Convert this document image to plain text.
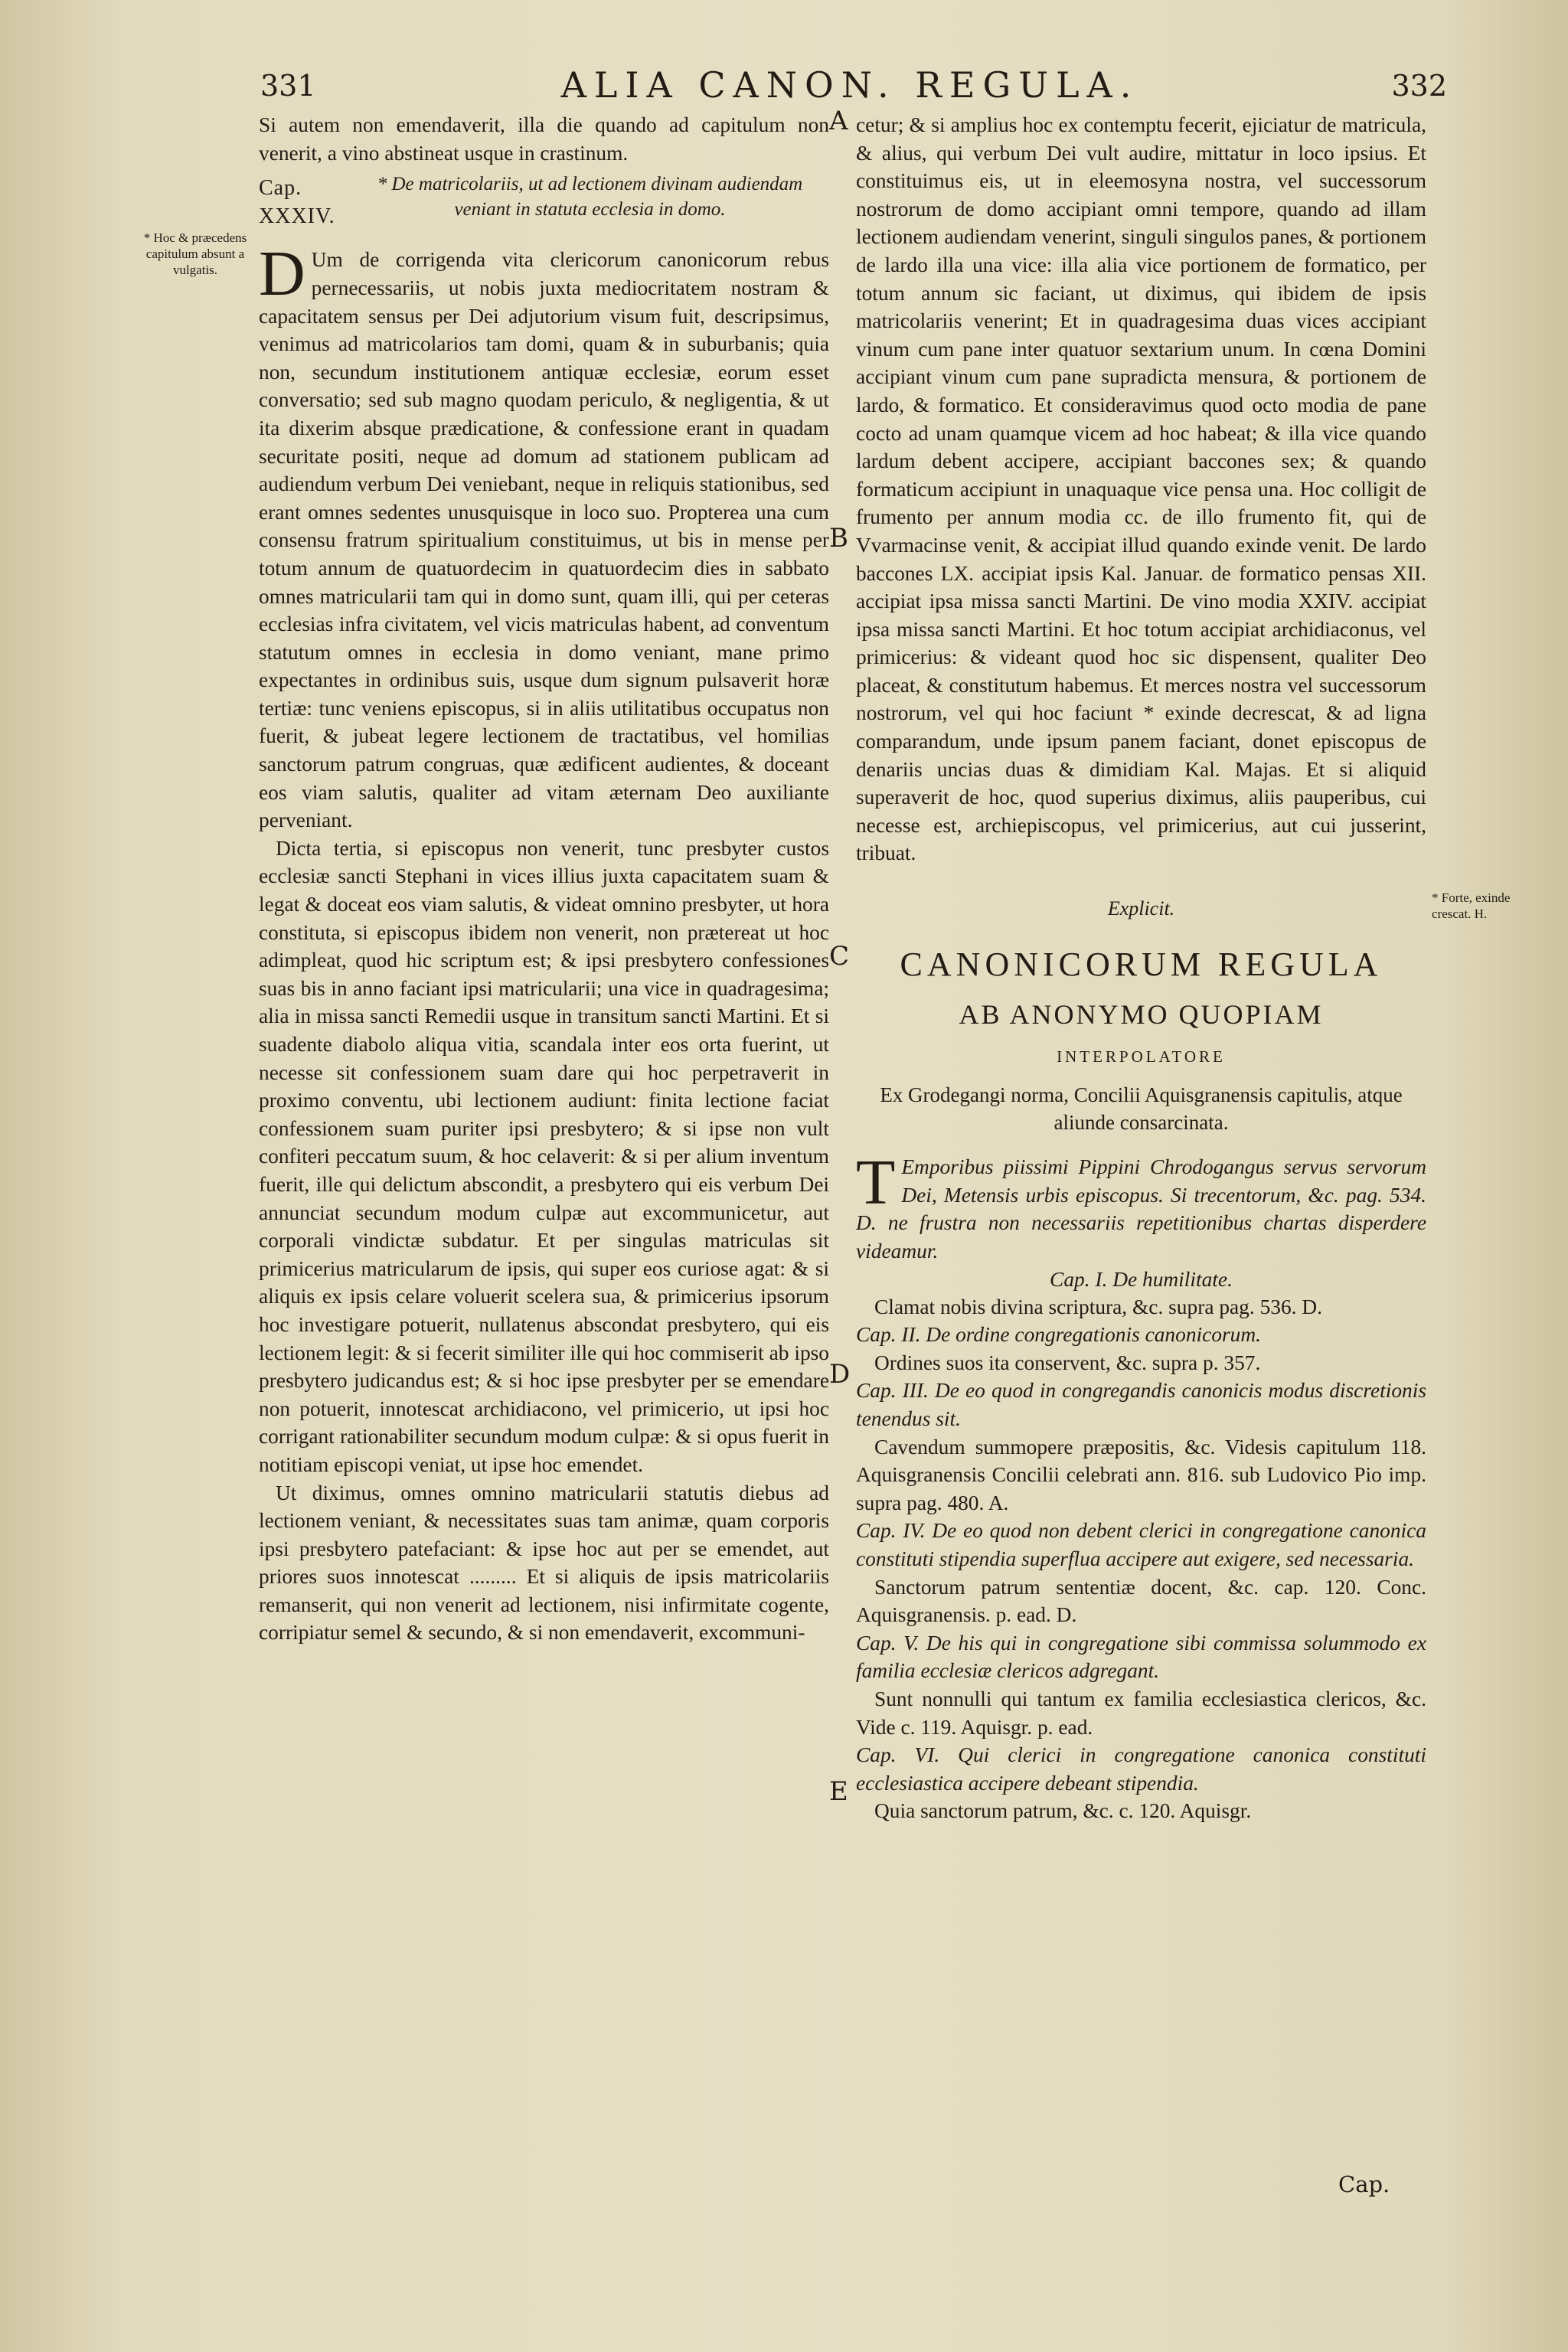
331	ALIA CANON. REGULA.	332
* Hoc & præcedens capitulum absunt a vulgatis.
* Forte, exinde crescat. H.
A
B
C
D
E

Si autem non emendaverit, illa die quando ad capitulum non venerit, a vino abstineat usque in crastinum.

Cap. XXXIV.
* De matricolariis, ut ad lectionem divinam audiendam veniant in statuta ecclesia in domo.

D Um de corrigenda vita clericorum canonicorum rebus pernecessariis, ut nobis juxta mediocritatem nostram & capacitatem sensus per Dei adjutorium visum fuit, descripsimus, venimus ad matricolarios tam domi, quam & in suburbanis; quia non, secundum institutionem antiquæ ecclesiæ, eorum esset conversatio; sed sub magno quodam periculo, & negligentia, & ut ita dixerim absque prædicatione, & confessione erant in quadam securitate positi, neque ad domum ad stationem publicam ad audiendum verbum Dei veniebant, neque in reliquis stationibus, sed erant omnes sedentes unusquisque in loco suo. Propterea una cum consensu fratrum spiritualium constituimus, ut bis in mense per totum annum de quatuordecim in quatuordecim dies in sabbato omnes matricularii tam qui in domo sunt, quam illi, qui per ceteras ecclesias infra civitatem, vel vicis matriculas habent, ad conventum statutum omnes in ecclesia in domo veniant, mane primo expectantes in ordinibus suis, usque dum signum pulsaverit horæ tertiæ: tunc veniens episcopus, si in aliis utilitatibus occupatus non fuerit, & jubeat legere lectionem de tractatibus, vel homilias sanctorum patrum congruas, quæ ædificent audientes, & doceant eos viam salutis, qualiter ad vitam æternam Deo auxiliante perveniant.

Dicta tertia, si episcopus non venerit, tunc presbyter custos ecclesiæ sancti Stephani in vices illius juxta capacitatem suam & legat & doceat eos viam salutis, & videat omnino presbyter, ut hora constituta, si episcopus ibidem non venerit, non prætereat ut hoc adimpleat, quod hic scriptum est; & ipsi presbytero confessiones suas bis in anno faciant ipsi matricularii; una vice in quadragesima; alia in missa sancti Remedii usque in transitum sancti Martini. Et si suadente diabolo aliqua vitia, scandala inter eos orta fuerint, ut necesse sit confessionem suam dare qui hoc perpetraverit in proximo conventu, ubi lectionem audiunt: finita lectione faciat confessionem suam puriter ipsi presbytero; & si ipse non vult confiteri peccatum suum, & hoc celaverit: & si per alium inventum fuerit, ille qui delictum abscondit, a presbytero qui eis verbum Dei annunciat secundum modum culpæ aut excommunicetur, aut corporali vindictæ subdatur. Et per singulas matriculas sit primicerius matricularum de ipsis, qui super eos curiose agat: & si aliquis ex ipsis celare voluerit scelera sua, & primicerius ipsorum hoc investigare potuerit, nullatenus abscondat presbytero, qui eis lectionem legit: & si fecerit similiter ille qui hoc commiserit ab ipso presbytero judicandus est; & si hoc ipse presbyter per se emendare non potuerit, innotescat archidiacono, vel primicerio, ut ipsi hoc corrigant rationabiliter secundum modum culpæ: & si opus fuerit in notitiam episcopi veniat, ut ipse hoc emendet.

Ut diximus, omnes omnino matricularii statutis diebus ad lectionem veniant, & necessitates suas tam animæ, quam corporis ipsi presbytero patefaciant: & ipse hoc aut per se emendet, aut priores suos innotescat ......... Et si aliquis de ipsis matricolariis remanserit, qui non venerit ad lectionem, nisi infirmitate cogente, corripiatur semel & secundo, & si non emendaverit, excommuni-

cetur; & si amplius hoc ex contemptu fecerit, ejiciatur de matricula, & alius, qui verbum Dei vult audire, mittatur in loco ipsius. Et constituimus eis, ut in eleemosyna nostra, vel successorum nostrorum de domo accipiant omni tempore, quando ad illam lectionem audiendam venerint, singuli singulos panes, & portionem de lardo illa una vice: illa alia vice portionem de formatico, per totum annum sic faciant, ut diximus, qui ibidem de ipsis matricolariis venerint; Et in quadragesima duas vices accipiant vinum cum pane inter quatuor sextarium unum. In cœna Domini accipiant vinum cum pane supradicta mensura, & portionem de lardo, & formatico. Et consideravimus quod octo modia de pane cocto ad unam quamque vicem ad hoc habeat; & illa vice quando lardum debent accipere, accipiant baccones sex; & quando formaticum accipiunt in unaquaque vice pensa una. Hoc colligit de frumento per annum modia cc. de illo frumento fit, qui de Vvarmacinse venit, & accipiat illud quando exinde venit. De lardo baccones LX. accipiat ipsis Kal. Januar. de formatico pensas XII. accipiat ipsa missa sancti Martini. De vino modia XXIV. accipiat ipsa missa sancti Martini. Et hoc totum accipiat archidiaconus, vel primicerius: & videant quod hoc sic dispensent, qualiter Deo placeat, & constitutum habemus. Et merces nostra vel successorum nostrorum, vel qui hoc faciunt * exinde decrescat, & ad ligna comparandum, unde ipsum panem faciant, donet episcopus de denariis uncias duas & dimidiam Kal. Majas. Et si aliquid superaverit de hoc, quod superius diximus, aliis pauperibus, cui necesse est, archiepiscopus, vel primicerius, aut cui jusserint, tribuat.

Explicit.
CANONICORUM REGULA
AB ANONYMO QUOPIAM
INTERPOLATORE
Ex Grodegangi norma, Concilii Aquisgranensis capitulis, atque aliunde consarcinata.

T Emporibus piissimi Pippini Chrodogangus servus servorum Dei, Metensis urbis episcopus. Si trecentorum, &c. pag. 534. D. ne frustra non necessariis repetitionibus chartas disperdere videamur.

Cap. I. De humilitate.

Clamat nobis divina scriptura, &c. supra pag. 536. D.

Cap. II. De ordine congregationis canonicorum.

Ordines suos ita conservent, &c. supra p. 357.

Cap. III. De eo quod in congregandis canonicis modus discretionis tenendus sit.

Cavendum summopere præpositis, &c. Videsis capitulum 118. Aquisgranensis Concilii celebrati ann. 816. sub Ludovico Pio imp. supra pag. 480. A.

Cap. IV. De eo quod non debent clerici in congregatione canonica constituti stipendia superflua accipere aut exigere, sed necessaria.

Sanctorum patrum sententiæ docent, &c. cap. 120. Conc. Aquisgranensis. p. ead. D.

Cap. V. De his qui in congregatione sibi commissa solummodo ex familia ecclesiæ clericos adgregant.

Sunt nonnulli qui tantum ex familia ecclesiastica clericos, &c. Vide c. 119. Aquisgr. p. ead.

Cap. VI. Qui clerici in congregatione canonica constituti ecclesiastica accipere debeant stipendia.

Quia sanctorum patrum, &c. c. 120. Aquisgr.

Cap.
